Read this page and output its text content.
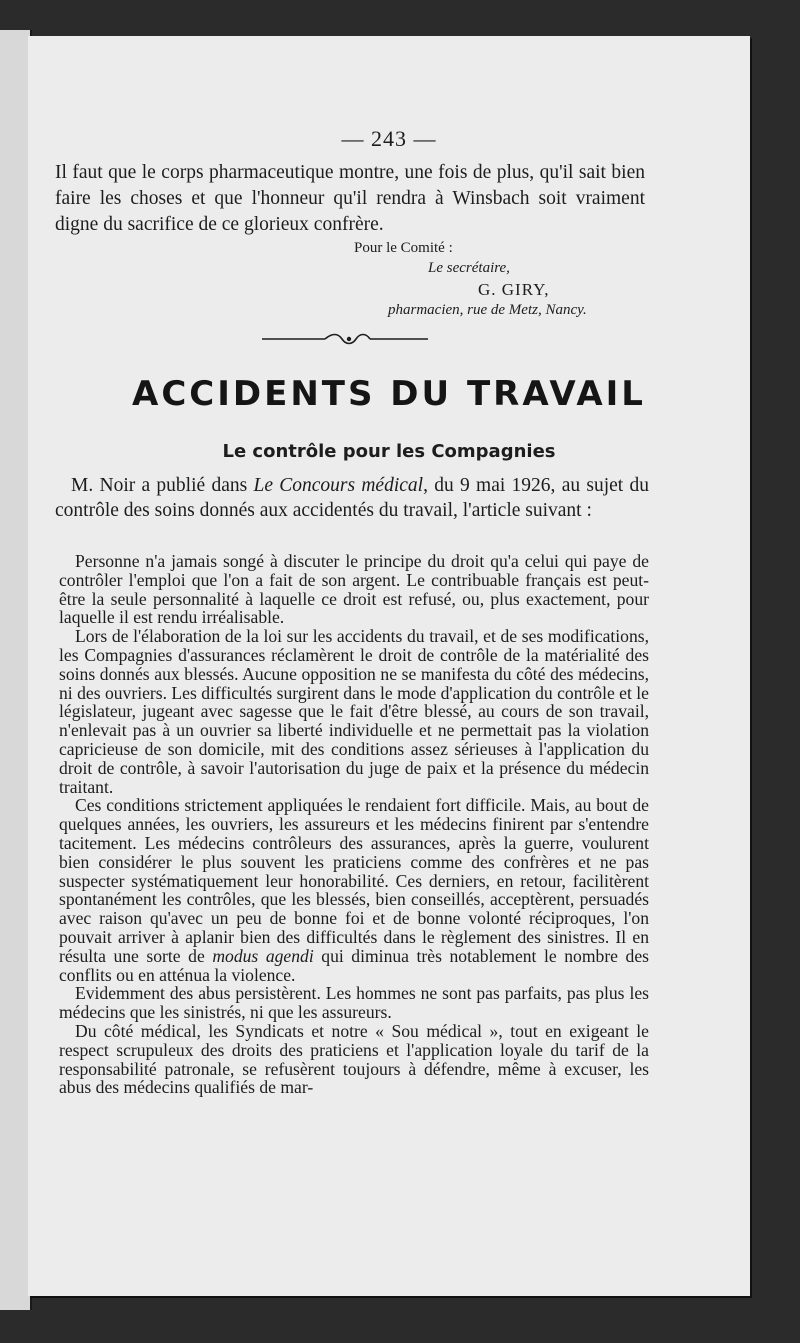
— 243 —

Il faut que le corps pharmaceutique montre, une fois de plus, qu'il sait bien faire les choses et que l'honneur qu'il rendra à Winsbach soit vraiment digne du sacrifice de ce glorieux confrère.

Pour le Comité :
Le secrétaire,
G. GIRY,
pharmacien, rue de Metz, Nancy.
ACCIDENTS DU TRAVAIL
Le contrôle pour les Compagnies

M. Noir a publié dans Le Concours médical, du 9 mai 1926, au sujet du contrôle des soins donnés aux accidentés du travail, l'article suivant :

Personne n'a jamais songé à discuter le principe du droit qu'a celui qui paye de contrôler l'emploi que l'on a fait de son argent. Le contribuable français est peut-être la seule personnalité à laquelle ce droit est refusé, ou, plus exactement, pour laquelle il est rendu irréalisable.

Lors de l'élaboration de la loi sur les accidents du travail, et de ses modifications, les Compagnies d'assurances réclamèrent le droit de contrôle de la matérialité des soins donnés aux blessés. Aucune opposition ne se manifesta du côté des médecins, ni des ouvriers. Les difficultés surgirent dans le mode d'application du contrôle et le législateur, jugeant avec sagesse que le fait d'être blessé, au cours de son travail, n'enlevait pas à un ouvrier sa liberté individuelle et ne permettait pas la violation capricieuse de son domicile, mit des conditions assez sérieuses à l'application du droit de contrôle, à savoir l'autorisation du juge de paix et la présence du médecin traitant.

Ces conditions strictement appliquées le rendaient fort difficile. Mais, au bout de quelques années, les ouvriers, les assureurs et les médecins finirent par s'entendre tacitement. Les médecins contrôleurs des assurances, après la guerre, voulurent bien considérer le plus souvent les praticiens comme des confrères et ne pas suspecter systématiquement leur honorabilité. Ces derniers, en retour, facilitèrent spontanément les contrôles, que les blessés, bien conseillés, acceptèrent, persuadés avec raison qu'avec un peu de bonne foi et de bonne volonté réciproques, l'on pouvait arriver à aplanir bien des difficultés dans le règlement des sinistres. Il en résulta une sorte de modus agendi qui diminua très notablement le nombre des conflits ou en atténua la violence.

Evidemment des abus persistèrent. Les hommes ne sont pas parfaits, pas plus les médecins que les sinistrés, ni que les assureurs.

Du côté médical, les Syndicats et notre « Sou médical », tout en exigeant le respect scrupuleux des droits des praticiens et l'application loyale du tarif de la responsabilité patronale, se refusèrent toujours à défendre, même à excuser, les abus des médecins qualifiés de mar-
